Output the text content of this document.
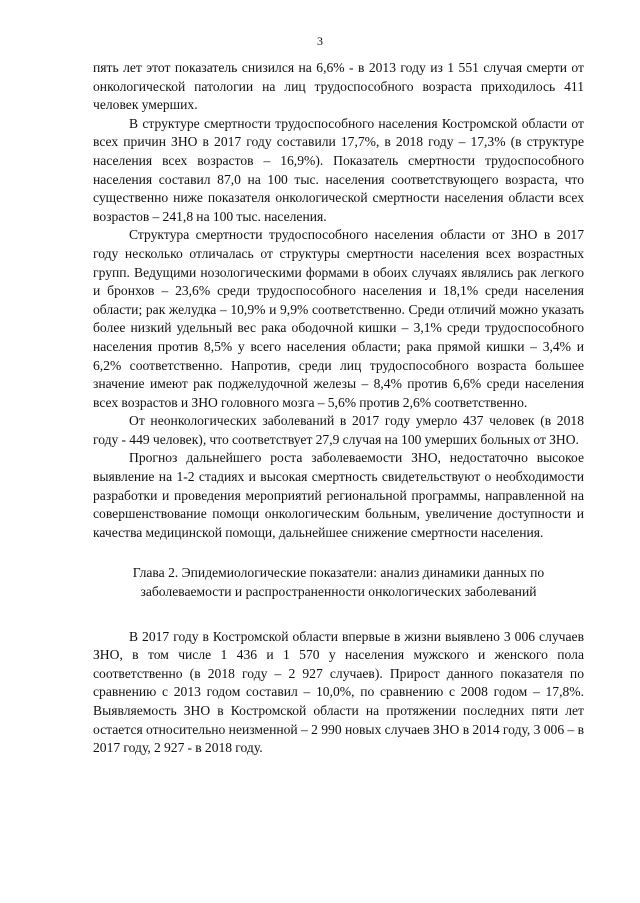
3

пять лет этот показатель снизился на 6,6% - в 2013 году из 1 551 случая смерти от онкологической патологии на лиц трудоспособного возраста приходилось 411 человек умерших.

В структуре смертности трудоспособного населения Костромской области от всех причин ЗНО в 2017 году составили 17,7%, в 2018 году – 17,3% (в структуре населения всех возрастов – 16,9%). Показатель смертности трудоспособного населения составил 87,0 на 100 тыс. населения соответствующего возраста, что существенно ниже показателя онкологической смертности населения области всех возрастов – 241,8 на 100 тыс. населения.

Структура смертности трудоспособного населения области от ЗНО в 2017 году несколько отличалась от структуры смертности населения всех возрастных групп. Ведущими нозологическими формами в обоих случаях являлись рак легкого и бронхов – 23,6% среди трудоспособного населения и 18,1% среди населения области; рак желудка – 10,9% и 9,9% соответственно. Среди отличий можно указать более низкий удельный вес рака ободочной кишки – 3,1% среди трудоспособного населения против 8,5% у всего населения области; рака прямой кишки – 3,4% и 6,2% соответственно. Напротив, среди лиц трудоспособного возраста большее значение имеют рак поджелудочной железы – 8,4% против 6,6% среди населения всех возрастов и ЗНО головного мозга – 5,6% против 2,6% соответственно.

От неонкологических заболеваний в 2017 году умерло 437 человек (в 2018 году - 449 человек), что соответствует 27,9 случая на 100 умерших больных от ЗНО.

Прогноз дальнейшего роста заболеваемости ЗНО, недостаточно высокое выявление на 1-2 стадиях и высокая смертность свидетельствуют о необходимости разработки и проведения мероприятий региональной программы, направленной на совершенствование помощи онкологическим больным, увеличение доступности и качества медицинской помощи, дальнейшее снижение смертности населения.

Глава 2. Эпидемиологические показатели: анализ динамики данных по
заболеваемости и распространенности онкологических заболеваний

В 2017 году в Костромской области впервые в жизни выявлено 3 006 случаев ЗНО, в том числе 1 436 и 1 570 у населения мужского и женского пола соответственно (в 2018 году – 2 927 случаев). Прирост данного показателя по сравнению с 2013 годом составил – 10,0%, по сравнению с 2008 годом – 17,8%. Выявляемость ЗНО в Костромской области на протяжении последних пяти лет остается относительно неизменной – 2 990 новых случаев ЗНО в 2014 году, 3 006 – в 2017 году, 2 927 - в 2018 году.
